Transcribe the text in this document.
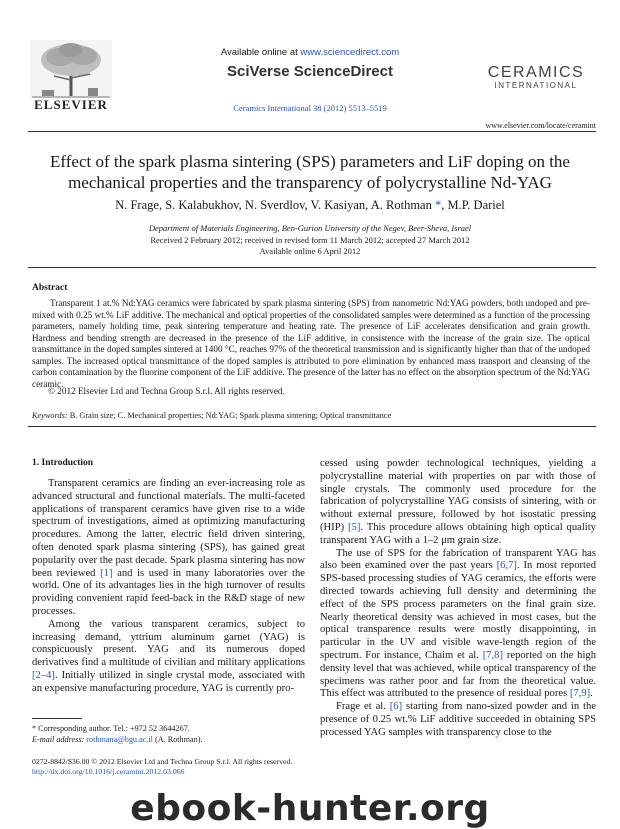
ELSEVIER
Available online at www.sciencedirect.com
SciVerse ScienceDirect
Ceramics International 38 (2012) 5513–5519
CERAMICS
INTERNATIONAL
www.elsevier.com/locate/ceramint
Effect of the spark plasma sintering (SPS) parameters and LiF doping on the mechanical properties and the transparency of polycrystalline Nd-YAG
N. Frage, S. Kalabukhov, N. Sverdlov, V. Kasiyan, A. Rothman *, M.P. Dariel
Department of Materials Engineering, Ben-Gurion University of the Negev, Beer-Sheva, Israel
Received 2 February 2012; received in revised form 11 March 2012; accepted 27 March 2012
Available online 6 April 2012
Abstract
Transparent 1 at.% Nd:YAG ceramics were fabricated by spark plasma sintering (SPS) from nanometric Nd:YAG powders, both undoped and pre-mixed with 0.25 wt.% LiF additive. The mechanical and optical properties of the consolidated samples were determined as a function of the processing parameters, namely holding time, peak sintering temperature and heating rate. The presence of LiF accelerates densification and grain growth. Hardness and bending strength are decreased in the presence of the LiF additive, in consistence with the increase of the grain size. The optical transmittance in the doped samples sintered at 1400 °C, reaches 97% of the theoretical transmission and is significantly higher than that of the undoped samples. The increased optical transmittance of the doped samples is attributed to pore elimination by enhanced mass transport and cleansing of the carbon contamination by the fluorine component of the LiF additive. The presence of the latter has no effect on the absorption spectrum of the Nd:YAG ceramic.
© 2012 Elsevier Ltd and Techna Group S.r.l. All rights reserved.
Keywords: B. Grain size; C. Mechanical properties; Nd:YAG; Spark plasma sintering; Optical transmittance
1. Introduction

Transparent ceramics are finding an ever-increasing role as advanced structural and functional materials. The multi-faceted applications of transparent ceramics have given rise to a wide spectrum of investigations, aimed at optimizing manufacturing procedures. Among the latter, electric field driven sintering, often denoted spark plasma sintering (SPS), has gained great popularity over the past decade. Spark plasma sintering has now been reviewed [1] and is used in many laboratories over the world. One of its advantages lies in the high turnover of results providing convenient rapid feed-back in the R&D stage of new processes.

Among the various transparent ceramics, subject to increasing demand, yttrium aluminum garnet (YAG) is conspicuously present. YAG and its numerous doped derivatives find a multitude of civilian and military applications [2–4]. Initially utilized in single crystal mode, associated with an expensive manufacturing procedure, YAG is currently pro-

cessed using powder technological techniques, yielding a polycrystalline material with properties on par with those of single crystals. The commonly used procedure for the fabrication of polycrystalline YAG consists of sintering, with or without external pressure, followed by hot isostatic pressing (HIP) [5]. This procedure allows obtaining high optical quality transparent YAG with a 1–2 μm grain size.

The use of SPS for the fabrication of transparent YAG has also been examined over the past years [6,7]. In most reported SPS-based processing studies of YAG ceramics, the efforts were directed towards achieving full density and determining the effect of the SPS process parameters on the final grain size. Nearly theoretical density was achieved in most cases, but the optical transparence results were mostly disappointing, in particular in the UV and visible wave-length region of the spectrum. For instance, Chaim et al. [7,8] reported on the high density level that was achieved, while optical transparency of the specimens was rather poor and far from the theoretical value. This effect was attributed to the presence of residual pores [7,9].

Frage et al. [6] starting from nano-sized powder and in the presence of 0.25 wt.% LiF additive succeeded in obtaining SPS processed YAG samples with transparency close to the

* Corresponding author. Tel.: +972 52 3644267.
E-mail address: rothmana@bgu.ac.il (A. Rothman).
0272-8842/$36.00 © 2012 Elsevier Ltd and Techna Group S.r.l. All rights reserved.
http://dx.doi.org/10.1016/j.ceramint.2012.03.066
ebook-hunter.org
